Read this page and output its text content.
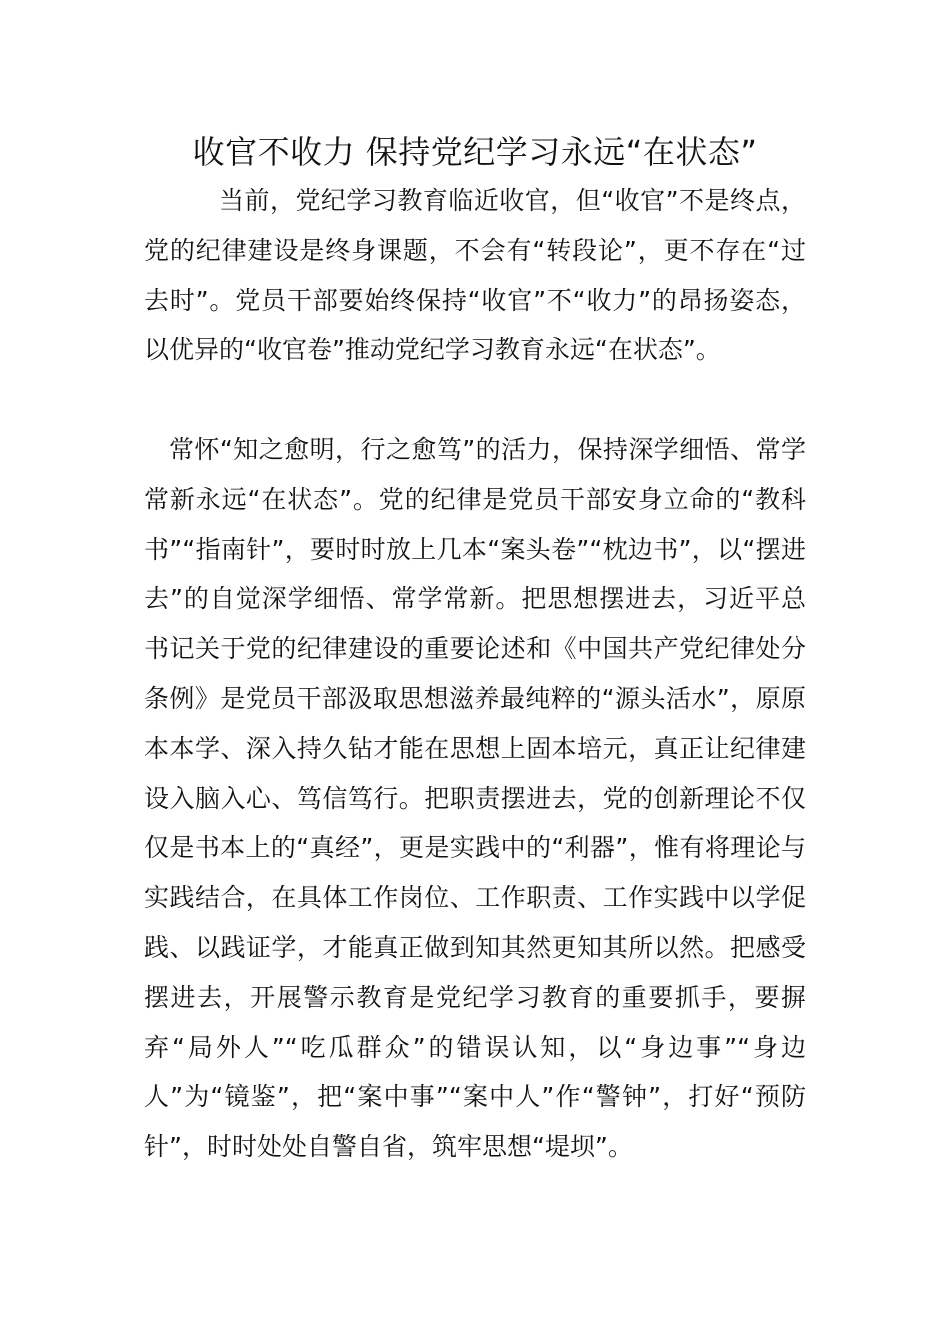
收官不收力 保持党纪学习永远“在状态”

当前，党纪学习教育临近收官，但“收官”不是终点，党的纪律建设是终身课题，不会有“转段论”，更不存在“过去时”。党员干部要始终保持“收官”不“收力”的昂扬姿态，以优异的“收官卷”推动党纪学习教育永远“在状态”。

常怀“知之愈明，行之愈笃”的活力，保持深学细悟、常学常新永远“在状态”。党的纪律是党员干部安身立命的“教科书”“指南针”，要时时放上几本“案头卷”“枕边书”，以“摆进去”的自觉深学细悟、常学常新。把思想摆进去，习近平总书记关于党的纪律建设的重要论述和《中国共产党纪律处分条例》是党员干部汲取思想滋养最纯粹的“源头活水”，原原本本学、深入持久钻才能在思想上固本培元，真正让纪律建设入脑入心、笃信笃行。把职责摆进去，党的创新理论不仅仅是书本上的“真经”，更是实践中的“利器”，惟有将理论与实践结合，在具体工作岗位、工作职责、工作实践中以学促践、以践证学，才能真正做到知其然更知其所以然。把感受摆进去，开展警示教育是党纪学习教育的重要抓手，要摒弃“局外人”“吃瓜群众”的错误认知，以“身边事”“身边人”为“镜鉴”，把“案中事”“案中人”作“警钟”，打好“预防针”，时时处处自警自省，筑牢思想“堤坝”。
